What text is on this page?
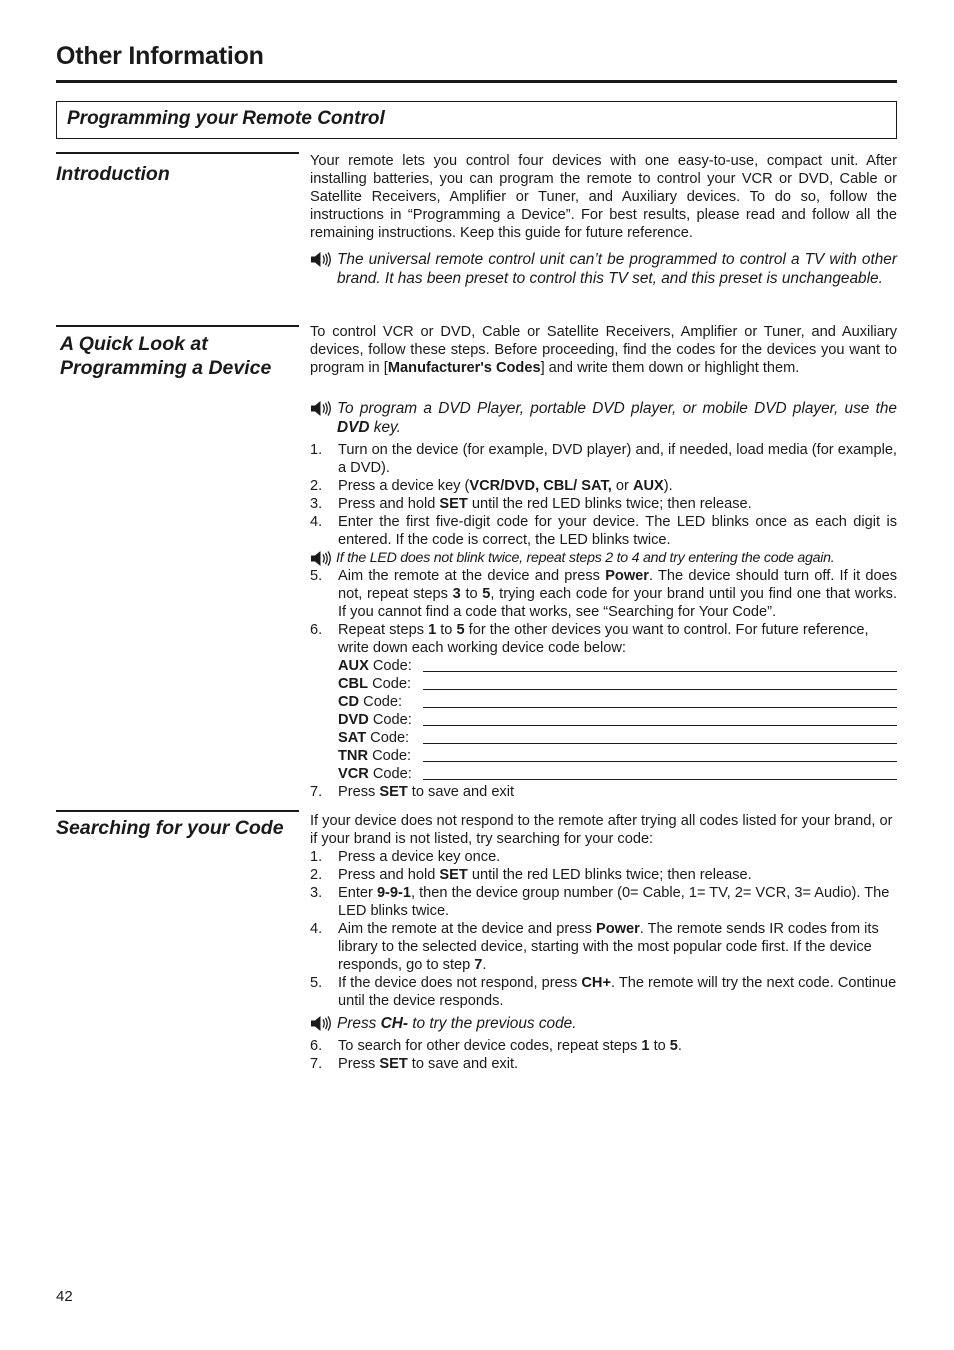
Other Information
Programming your Remote Control
Introduction

Your remote lets you control four devices with one easy-to-use, compact unit. After installing batteries, you can program the remote to control your VCR or DVD, Cable or Satellite Receivers, Amplifier or Tuner, and Auxiliary devices. To do so, follow the instructions in “Programming a Device”. For best results, please read and follow all the remaining instructions. Keep this guide for future reference.

The universal remote control unit can’t be programmed to control a TV with other brand. It has been preset to control this TV set, and this preset is unchangeable.
A Quick Look at
Programming a Device

To control VCR or DVD, Cable or Satellite Receivers, Amplifier or Tuner, and Auxiliary devices, follow these steps. Before proceeding, find the codes for the devices you want to program in [Manufacturer's Codes] and write them down or highlight them.

To program a DVD Player, portable DVD player, or mobile DVD player, use the DVD key.
1. Turn on the device (for example, DVD player) and, if needed, load media (for example, a DVD).
2. Press a device key (VCR/DVD, CBL/ SAT, or AUX).
3. Press and hold SET until the red LED blinks twice; then release.
4. Enter the first five-digit code for your device. The LED blinks once as each digit is entered. If the code is correct, the LED blinks twice.
If the LED does not blink twice, repeat steps 2 to 4 and try entering the code again.
5. Aim the remote at the device and press Power. The device should turn off. If it does not, repeat steps 3 to 5, trying each code for your brand until you find one that works. If you cannot find a code that works, see “Searching for Your Code”.
6. Repeat steps 1 to 5 for the other devices you want to control. For future reference, write down each working device code below:
AUX Code:
CBL Code:
CD Code:
DVD Code:
SAT Code:
TNR Code:
VCR Code:
7. Press SET to save and exit
Searching for your Code	If your device does not respond to the remote after trying all codes listed for your brand, or if your brand is not listed, try searching for your code:

1. Press a device key once.
2. Press and hold SET until the red LED blinks twice; then release.
3. Enter 9-9-1, then the device group number (0= Cable, 1= TV, 2= VCR, 3= Audio). The LED blinks twice.
4. Aim the remote at the device and press Power. The remote sends IR codes from its library to the selected device, starting with the most popular code first. If the device responds, go to step 7.
5. If the device does not respond, press CH+. The remote will try the next code. Continue until the device responds.
Press CH- to try the previous code.
6. To search for other device codes, repeat steps 1 to 5.
7. Press SET to save and exit.
42
